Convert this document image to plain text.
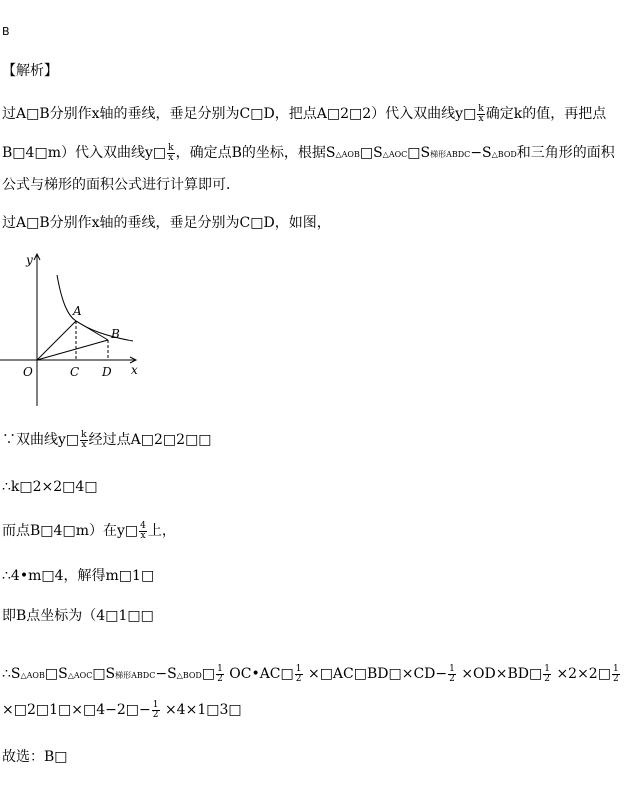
B
【解析】
过A□B分别作x轴的垂线，垂足分别为C□D，把点A□2□2）代入双曲线y□ $\frac{k}{x}$ 确定k的值，再把点
B□4□m）代入双曲线y□ $\frac{k}{x}$ ，确定点B的坐标，根据S△AOB□S△AOC□S梯形ABDC−S△BOD和三角形的面积
公式与梯形的面积公式进行计算即可．
过A□B分别作x轴的垂线，垂足分别为C□D，如图，
y
x
O
A
B
C D
∵双曲线y□ $\frac{k}{x}$ 经过点A□2□2□□
∴k□2×2□4□
而点B□4□m）在y□ $\frac{4}{x}$ 上，
∴4•m□4，解得m□1□
即B点坐标为（4□1□□
∴S△AOB□S△AOC□S梯形ABDC−S△BOD□ $\frac{1}{2}$ OC•AC□ $\frac{1}{2}$ ×□AC□BD□×CD− $\frac{1}{2}$ ×OD×BD□ $\frac{1}{2}$ ×2×2□ $\frac{1}{2}$
×□2□1□×□4−2□− $\frac{1}{2}$ ×4×1□3□
故选：B□
